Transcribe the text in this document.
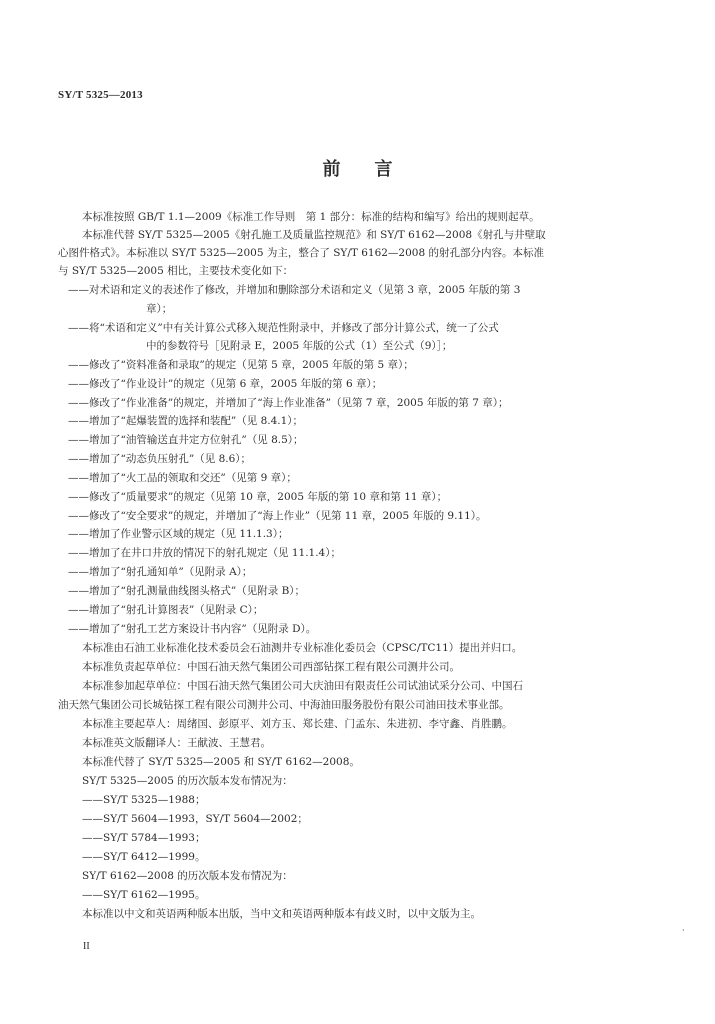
SY/T 5325—2013
前言
本标准按照 GB/T 1.1—2009《标准工作导则　第 1 部分：标准的结构和编写》给出的规则起草。
本标准代替 SY/T 5325—2005《射孔施工及质量监控规范》和 SY/T 6162—2008《射孔与井壁取
心图件格式》。本标准以 SY/T 5325—2005 为主，整合了 SY/T 6162—2008 的射孔部分内容。本标准
与 SY/T 5325—2005 相比，主要技术变化如下：
——对术语和定义的表述作了修改，并增加和删除部分术语和定义（见第 3 章，2005 年版的第 3
章）；
——将“术语和定义”中有关计算公式移入规范性附录中，并修改了部分计算公式，统一了公式
中的参数符号［见附录 E，2005 年版的公式（1）至公式（9）］；
——修改了“资料准备和录取”的规定（见第 5 章，2005 年版的第 5 章）；
——修改了“作业设计”的规定（见第 6 章，2005 年版的第 6 章）；
——修改了“作业准备”的规定，并增加了“海上作业准备”（见第 7 章，2005 年版的第 7 章）；
——增加了“起爆装置的选择和装配”（见 8.4.1）；
——增加了“油管输送直井定方位射孔”（见 8.5）；
——增加了“动态负压射孔”（见 8.6）；
——增加了“火工品的领取和交还”（见第 9 章）；
——修改了“质量要求”的规定（见第 10 章，2005 年版的第 10 章和第 11 章）；
——修改了“安全要求”的规定，并增加了“海上作业”（见第 11 章，2005 年版的 9.11）。
——增加了作业警示区域的规定（见 11.1.3）；
——增加了在井口井放的情况下的射孔规定（见 11.1.4）；
——增加了“射孔通知单”（见附录 A）；
——增加了“射孔测量曲线图头格式”（见附录 B）；
——增加了“射孔计算图表”（见附录 C）；
——增加了“射孔工艺方案设计书内容”（见附录 D）。
本标准由石油工业标准化技术委员会石油测井专业标准化委员会（CPSC/TC11）提出并归口。
本标准负责起草单位：中国石油天然气集团公司西部钻探工程有限公司测井公司。
本标准参加起草单位：中国石油天然气集团公司大庆油田有限责任公司试油试采分公司、中国石
油天然气集团公司长城钻探工程有限公司测井公司、中海油田服务股份有限公司油田技术事业部。
本标准主要起草人：周绪国、彭原平、刘方玉、郑长建、门孟东、朱进初、李守鑫、肖胜鹏。
本标准英文版翻译人：王献波、王慧君。
本标准代替了 SY/T 5325—2005 和 SY/T 6162—2008。
SY/T 5325—2005 的历次版本发布情况为：
——SY/T 5325—1988；
——SY/T 5604—1993，SY/T 5604—2002；
——SY/T 5784—1993；
——SY/T 6412—1999。
SY/T 6162—2008 的历次版本发布情况为：
——SY/T 6162—1995。
本标准以中文和英语两种版本出版，当中文和英语两种版本有歧义时，以中文版为主。
·
II
